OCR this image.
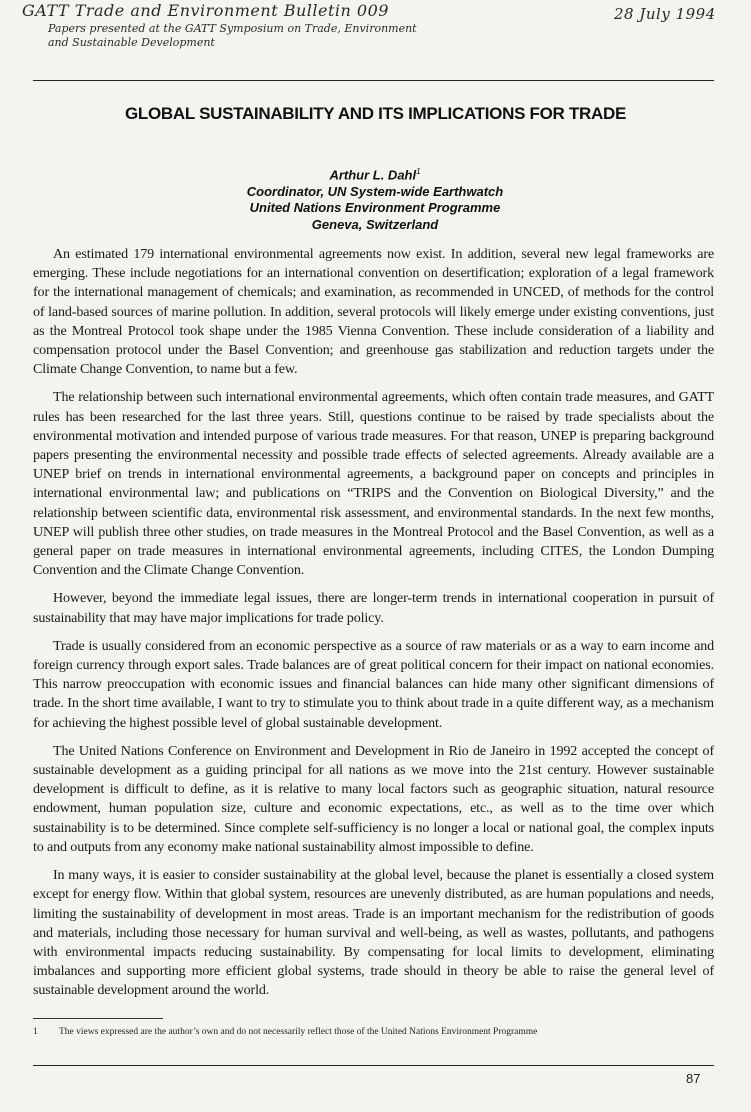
GATT Trade and Environment Bulletin 009
Papers presented at the GATT Symposium on Trade, Environment
and Sustainable Development
28 July 1994
GLOBAL SUSTAINABILITY AND ITS IMPLICATIONS FOR TRADE
Arthur L. Dahl$^1$
Coordinator, UN System-wide Earthwatch
United Nations Environment Programme
Geneva, Switzerland

An estimated 179 international environmental agreements now exist. In addition, several new legal frameworks are emerging. These include negotiations for an international convention on desertification; exploration of a legal framework for the international management of chemicals; and examination, as recommended in UNCED, of methods for the control of land-based sources of marine pollution. In addition, several protocols will likely emerge under existing conventions, just as the Montreal Protocol took shape under the 1985 Vienna Convention. These include consideration of a liability and compensation protocol under the Basel Convention; and greenhouse gas stabilization and reduction targets under the Climate Change Convention, to name but a few.

The relationship between such international environmental agreements, which often contain trade measures, and GATT rules has been researched for the last three years. Still, questions continue to be raised by trade specialists about the environmental motivation and intended purpose of various trade measures. For that reason, UNEP is preparing background papers presenting the environmental necessity and possible trade effects of selected agreements. Already available are a UNEP brief on trends in international environmental agreements, a background paper on concepts and principles in international environmental law; and publications on “TRIPS and the Convention on Biological Diversity,” and the relationship between scientific data, environmental risk assessment, and environmental standards. In the next few months, UNEP will publish three other studies, on trade measures in the Montreal Protocol and the Basel Convention, as well as a general paper on trade measures in international environmental agreements, including CITES, the London Dumping Convention and the Climate Change Convention.

However, beyond the immediate legal issues, there are longer-term trends in international cooperation in pursuit of sustainability that may have major implications for trade policy.

Trade is usually considered from an economic perspective as a source of raw materials or as a way to earn income and foreign currency through export sales. Trade balances are of great political concern for their impact on national economies. This narrow preoccupation with economic issues and financial balances can hide many other significant dimensions of trade. In the short time available, I want to try to stimulate you to think about trade in a quite different way, as a mechanism for achieving the highest possible level of global sustainable development.

The United Nations Conference on Environment and Development in Rio de Janeiro in 1992 accepted the concept of sustainable development as a guiding principal for all nations as we move into the 21st century. However sustainable development is difficult to define, as it is relative to many local factors such as geographic situation, natural resource endowment, human population size, culture and economic expectations, etc., as well as to the time over which sustainability is to be determined. Since complete self-sufficiency is no longer a local or national goal, the complex inputs to and outputs from any economy make national sustainability almost impossible to define.

In many ways, it is easier to consider sustainability at the global level, because the planet is essentially a closed system except for energy flow. Within that global system, resources are unevenly distributed, as are human populations and needs, limiting the sustainability of development in most areas. Trade is an important mechanism for the redistribution of goods and materials, including those necessary for human survival and well-being, as well as wastes, pollutants, and pathogens with environmental impacts reducing sustainability. By compensating for local limits to development, eliminating imbalances and supporting more efficient global systems, trade should in theory be able to raise the general level of sustainable development around the world.

1 The views expressed are the author’s own and do not necessarily reflect those of the United Nations Environment Programme
87
